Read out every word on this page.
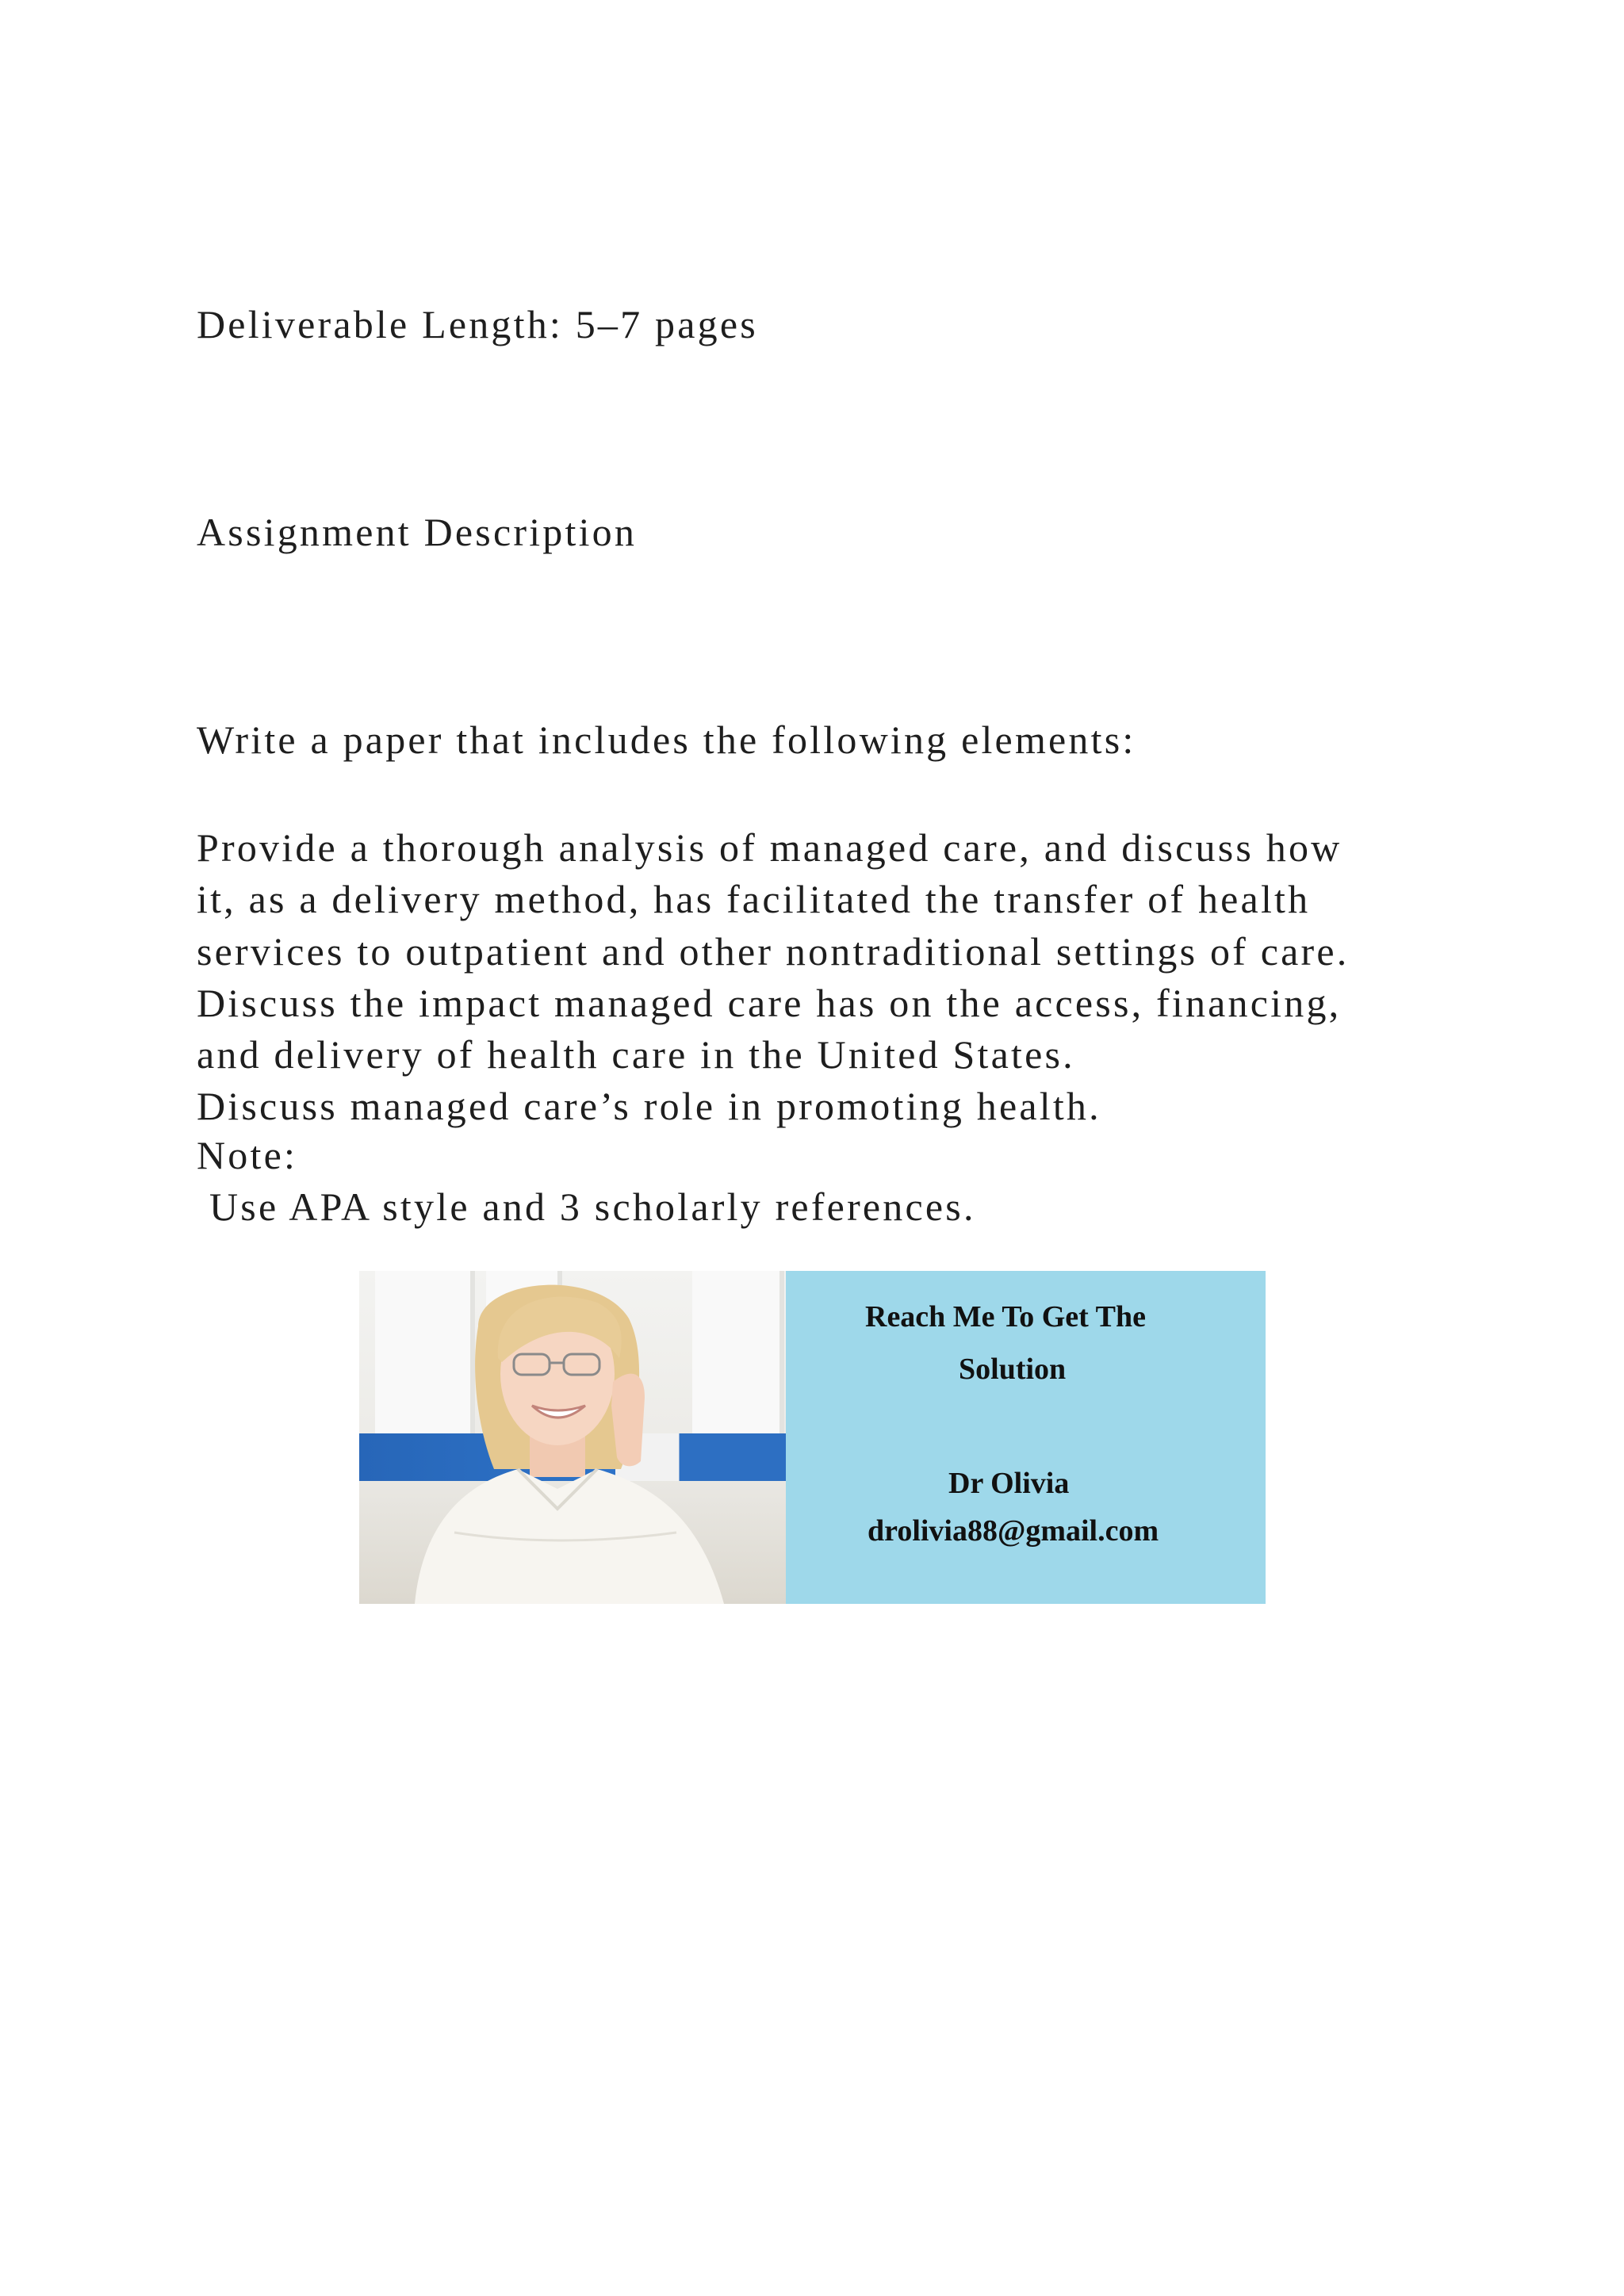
Deliverable Length: 5–7 pages
Assignment Description
Write a paper that includes the following elements:
Provide a thorough analysis of managed care, and discuss how
it, as a delivery method, has facilitated the transfer of health
services to outpatient and other nontraditional settings of care.
Discuss the impact managed care has on the access, financing,
and delivery of health care in the United States.
Discuss managed care’s role in promoting health.
Note:
Use APA style and 3 scholarly references.
Reach Me To Get The
Solution
Dr Olivia
drolivia88@gmail.com
